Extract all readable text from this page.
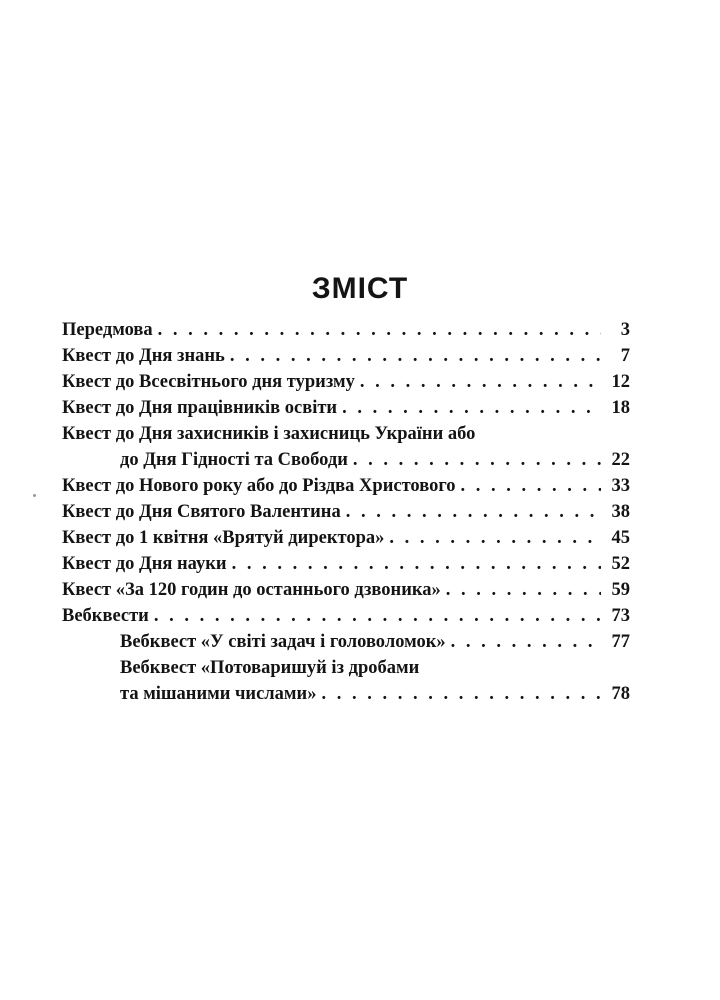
ЗМІСТ
Передмова . . .	3
Квест до Дня знань . . .	7
Квест до Всесвітнього дня туризму . . .	12
Квест до Дня працівників освіти . . .	18
Квест до Дня захисників і захисниць України або
до Дня Гідності та Свободи . . .	22
Квест до Нового року або до Різдва Христового . . .	33
Квест до Дня Святого Валентина . . .	38
Квест до 1 квітня «Врятуй директора» . . .	45
Квест до Дня науки . . .	52
Квест «За 120 годин до останнього дзвоника» . . .	59
Вебквести . . .	73
Вебквест «У світі задач і головоломок» . . .	77
Вебквест «Потоваришуй із дробами
та мішаними числами» . . .	78
